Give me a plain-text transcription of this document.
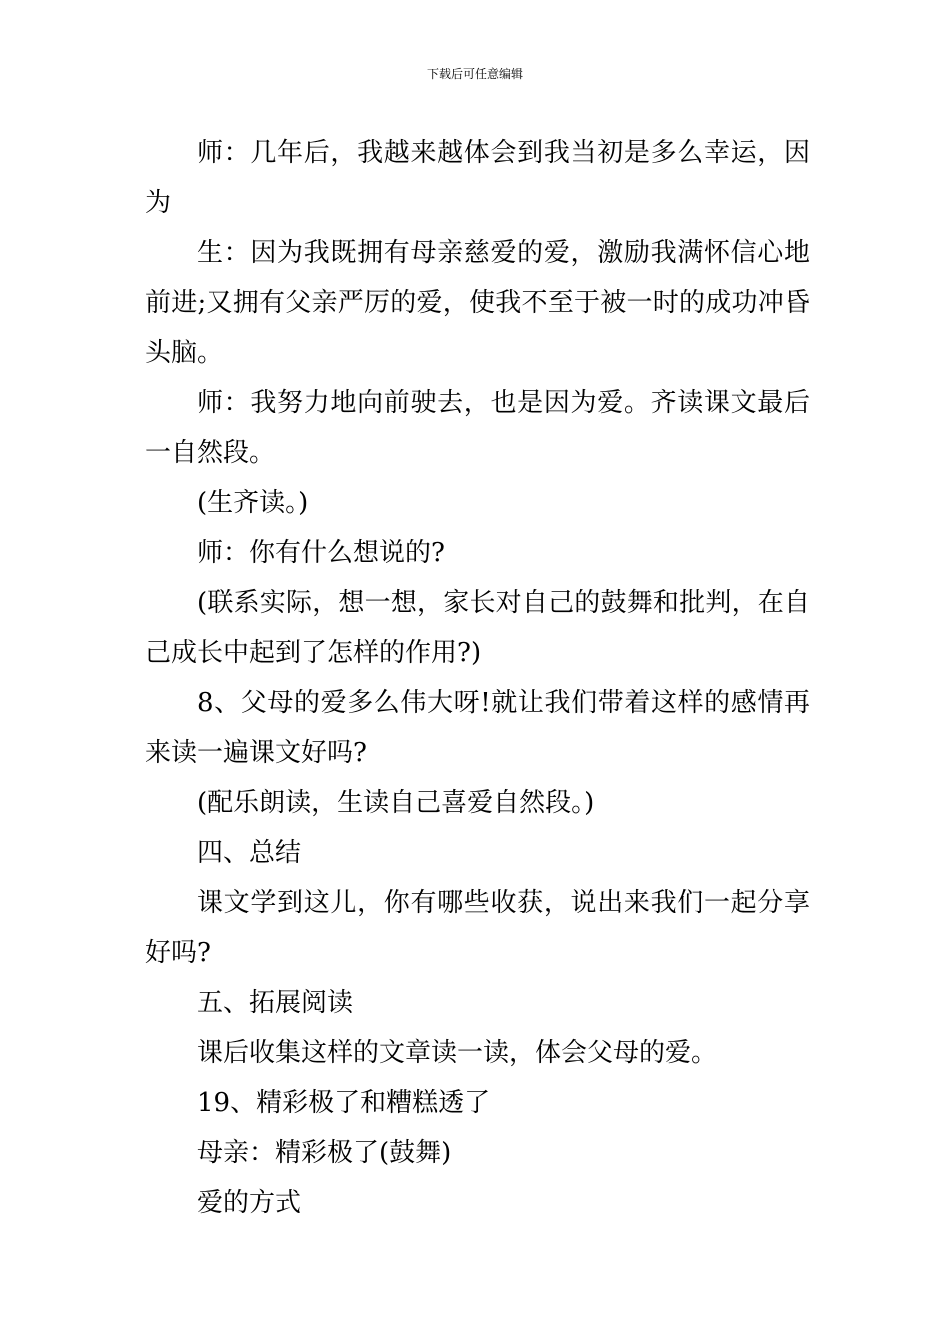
下载后可任意编辑

师：几年后，我越来越体会到我当初是多么幸运，因为

生：因为我既拥有母亲慈爱的爱，激励我满怀信心地前进;又拥有父亲严厉的爱，使我不至于被一时的成功冲昏头脑。

师：我努力地向前驶去，也是因为爱。齐读课文最后一自然段。

(生齐读。)

师：你有什么想说的?

(联系实际，想一想，家长对自己的鼓舞和批判，在自己成长中起到了怎样的作用?)

8、父母的爱多么伟大呀!就让我们带着这样的感情再来读一遍课文好吗?

(配乐朗读，生读自己喜爱自然段。)

四、总结

课文学到这儿，你有哪些收获，说出来我们一起分享好吗?

五、拓展阅读

课后收集这样的文章读一读，体会父母的爱。

19、精彩极了和糟糕透了

母亲：精彩极了(鼓舞)

爱的方式
